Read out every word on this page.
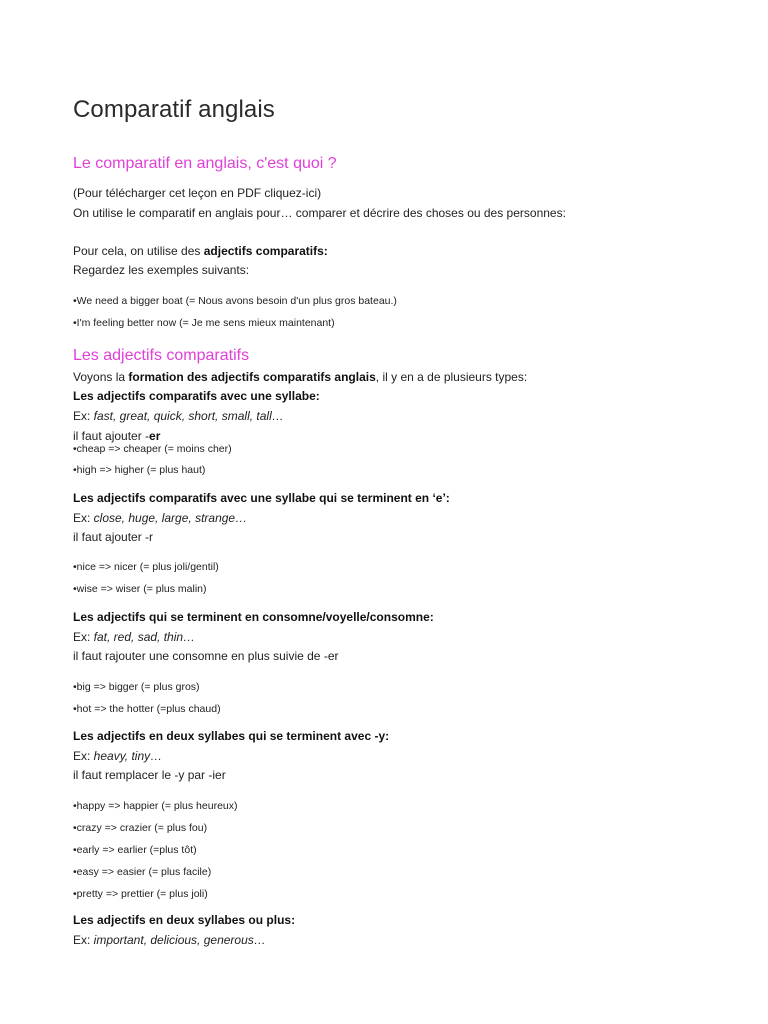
Comparatif anglais
Le comparatif en anglais, c'est quoi ?
(Pour télécharger cet leçon en PDF cliquez-ici)
On utilise le comparatif en anglais pour… comparer et décrire des choses ou des personnes:
Pour cela, on utilise des adjectifs comparatifs:
Regardez les exemples suivants:
•We need a bigger boat (= Nous avons besoin d'un plus gros bateau.)
•I'm feeling better now (= Je me sens mieux maintenant)
Les adjectifs comparatifs
Voyons la formation des adjectifs comparatifs anglais, il y en a de plusieurs types:
Les adjectifs comparatifs avec une syllabe:
Ex: fast, great, quick, short, small, tall…
il faut ajouter -er
•cheap => cheaper (= moins cher)
•high => higher (= plus haut)
Les adjectifs comparatifs avec une syllabe qui se terminent en ‘e’:
Ex: close, huge, large, strange…
il faut ajouter -r
•nice => nicer (= plus joli/gentil)
•wise => wiser (= plus malin)
Les adjectifs qui se terminent en consomne/voyelle/consomne:
Ex: fat, red, sad, thin…
il faut rajouter une consomne en plus suivie de -er
•big => bigger (= plus gros)
•hot => the hotter (=plus chaud)
Les adjectifs en deux syllabes qui se terminent avec -y:
Ex: heavy, tiny…
il faut remplacer le -y par -ier
•happy => happier (= plus heureux)
•crazy => crazier (= plus fou)
•early => earlier (=plus tôt)
•easy => easier (= plus facile)
•pretty => prettier (= plus joli)
Les adjectifs en deux syllabes ou plus:
Ex: important, delicious, generous…
